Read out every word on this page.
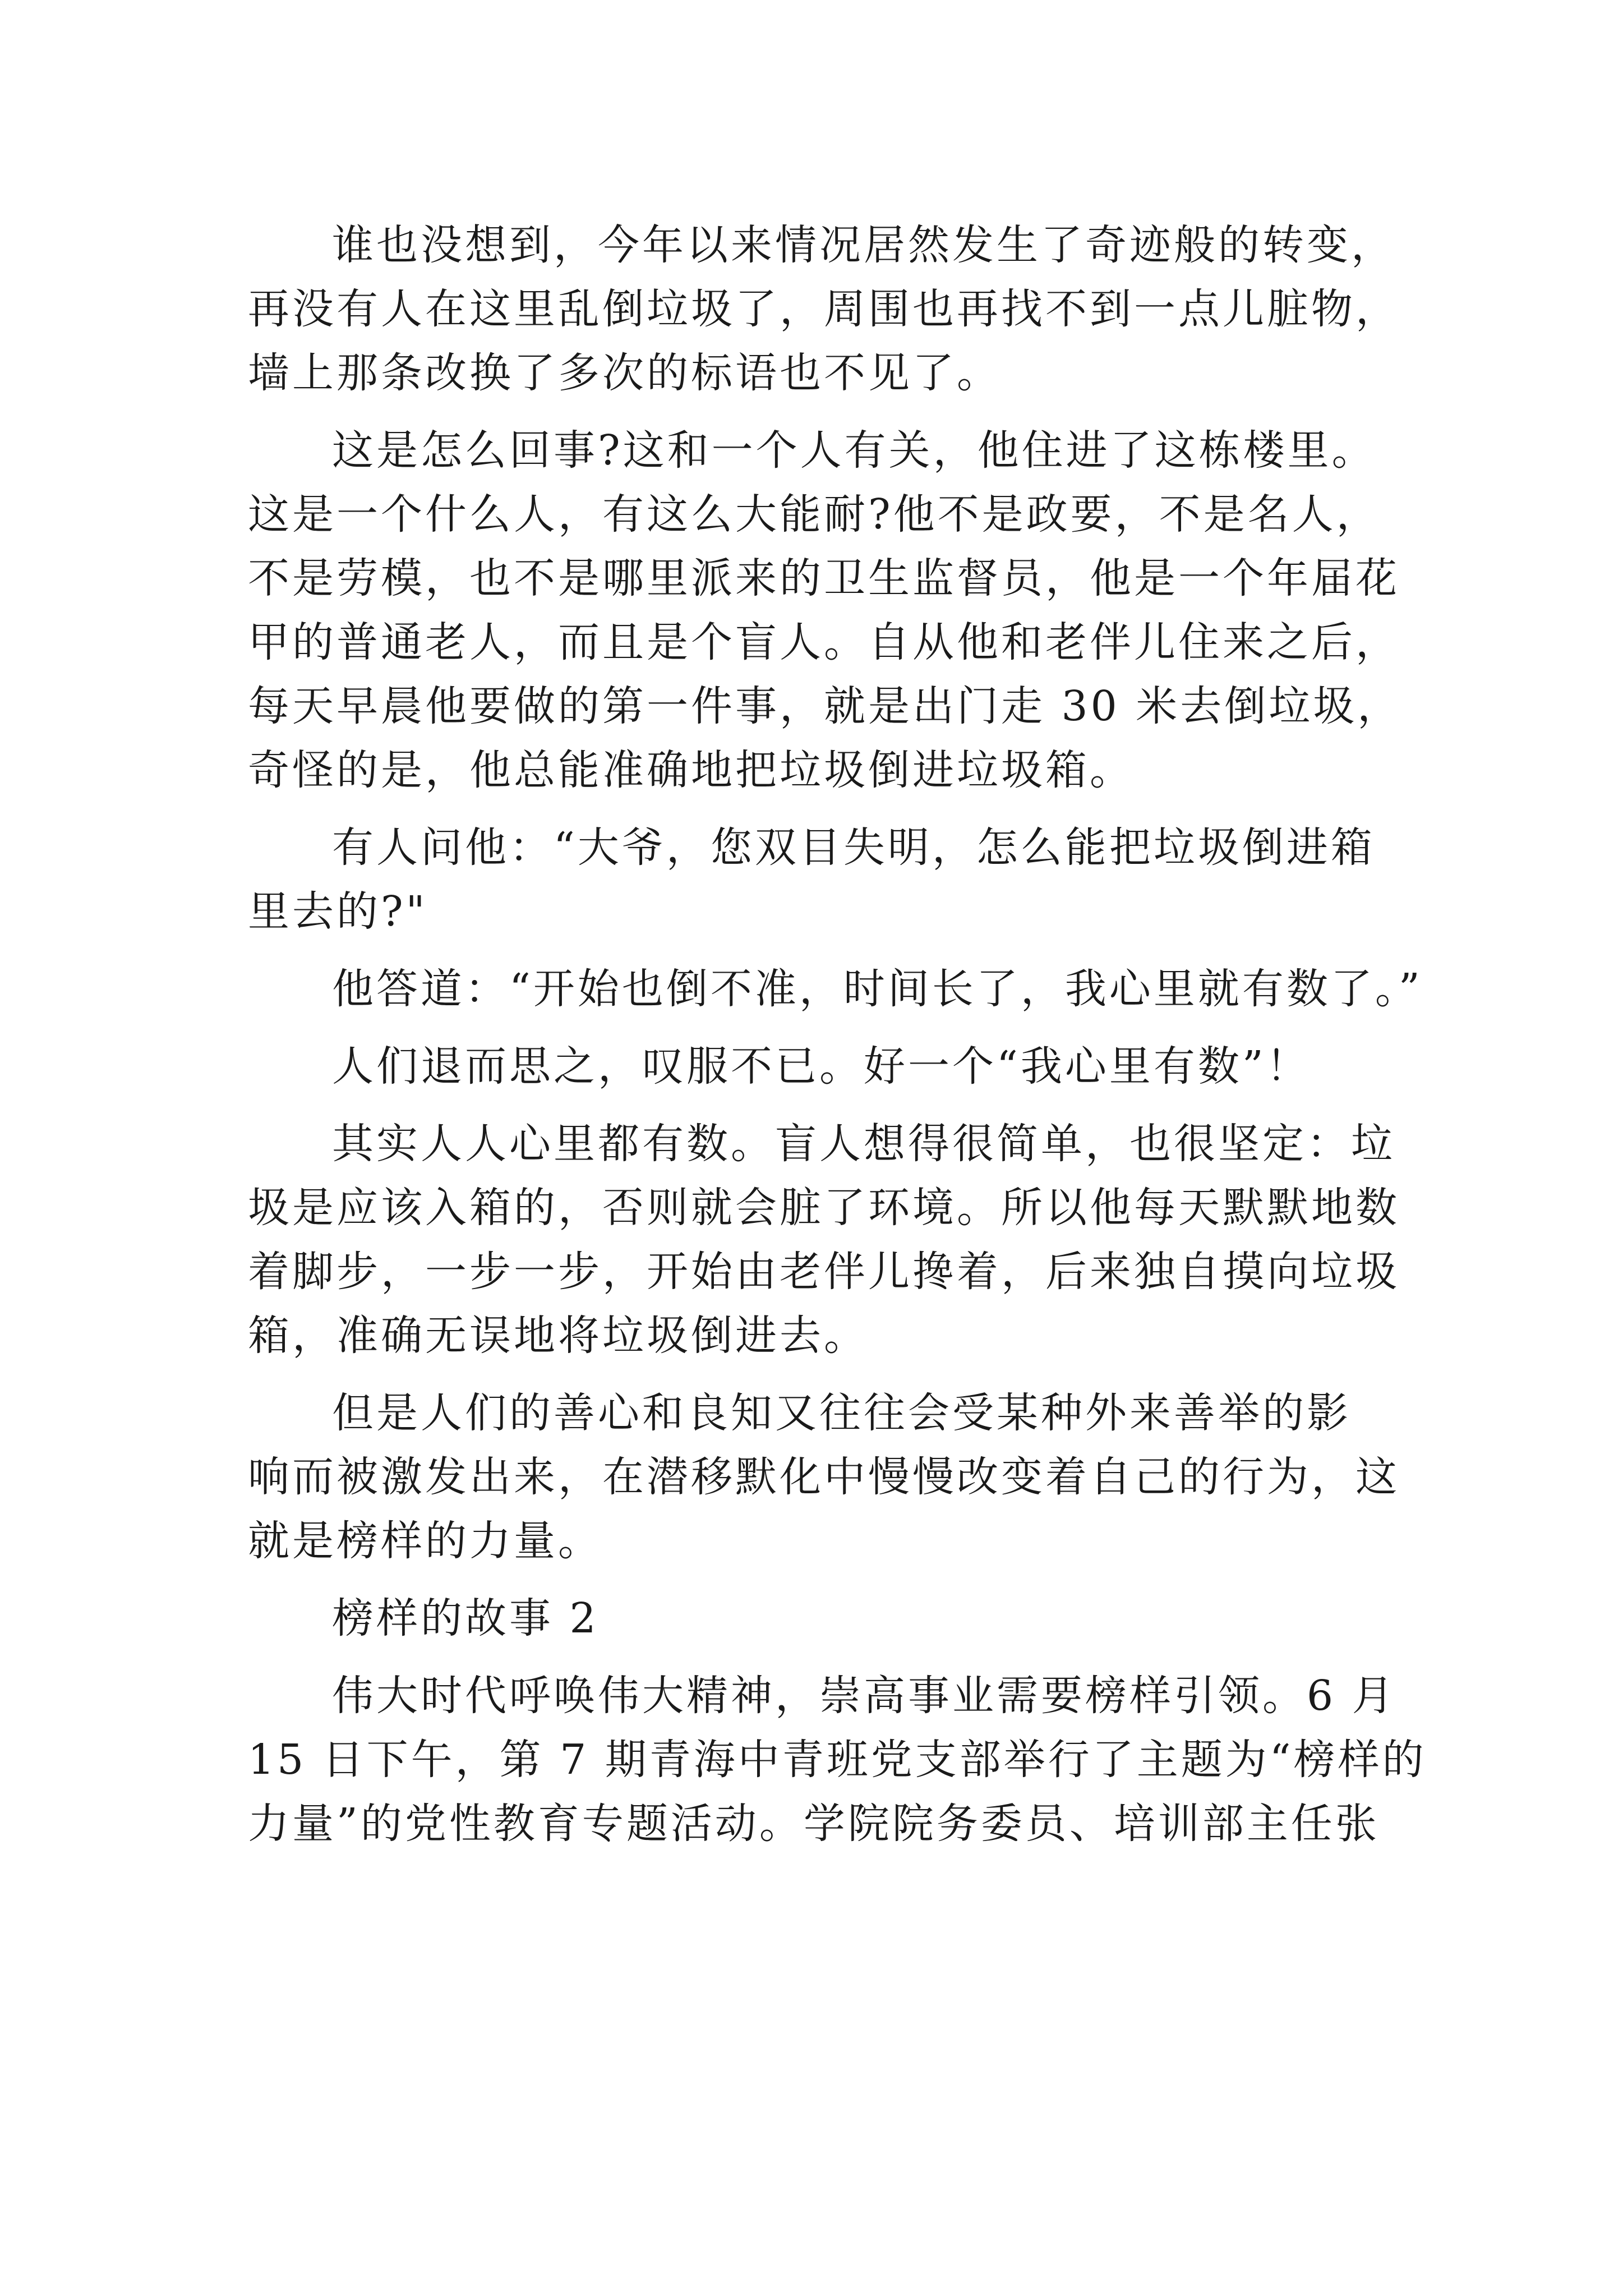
谁也没想到，今年以来情况居然发生了奇迹般的转变，
再没有人在这里乱倒垃圾了，周围也再找不到一点儿脏物，
墙上那条改换了多次的标语也不见了。
这是怎么回事?这和一个人有关，他住进了这栋楼里。
这是一个什么人，有这么大能耐?他不是政要，不是名人，
不是劳模，也不是哪里派来的卫生监督员，他是一个年届花
甲的普通老人，而且是个盲人。自从他和老伴儿住来之后，
每天早晨他要做的第一件事，就是出门走 30 米去倒垃圾，
奇怪的是，他总能准确地把垃圾倒进垃圾箱。
有人问他：“大爷，您双目失明，怎么能把垃圾倒进箱
里去的?"
他答道：“开始也倒不准，时间长了，我心里就有数了。”
人们退而思之，叹服不已。好一个“我心里有数”！
其实人人心里都有数。盲人想得很简单，也很坚定：垃
圾是应该入箱的，否则就会脏了环境。所以他每天默默地数
着脚步，一步一步，开始由老伴儿搀着，后来独自摸向垃圾
箱，准确无误地将垃圾倒进去。
但是人们的善心和良知又往往会受某种外来善举的影
响而被激发出来，在潜移默化中慢慢改变着自己的行为，这
就是榜样的力量。
榜样的故事 2
伟大时代呼唤伟大精神，崇高事业需要榜样引领。6 月
15 日下午，第 7 期青海中青班党支部举行了主题为“榜样的
力量”的党性教育专题活动。学院院务委员、培训部主任张
